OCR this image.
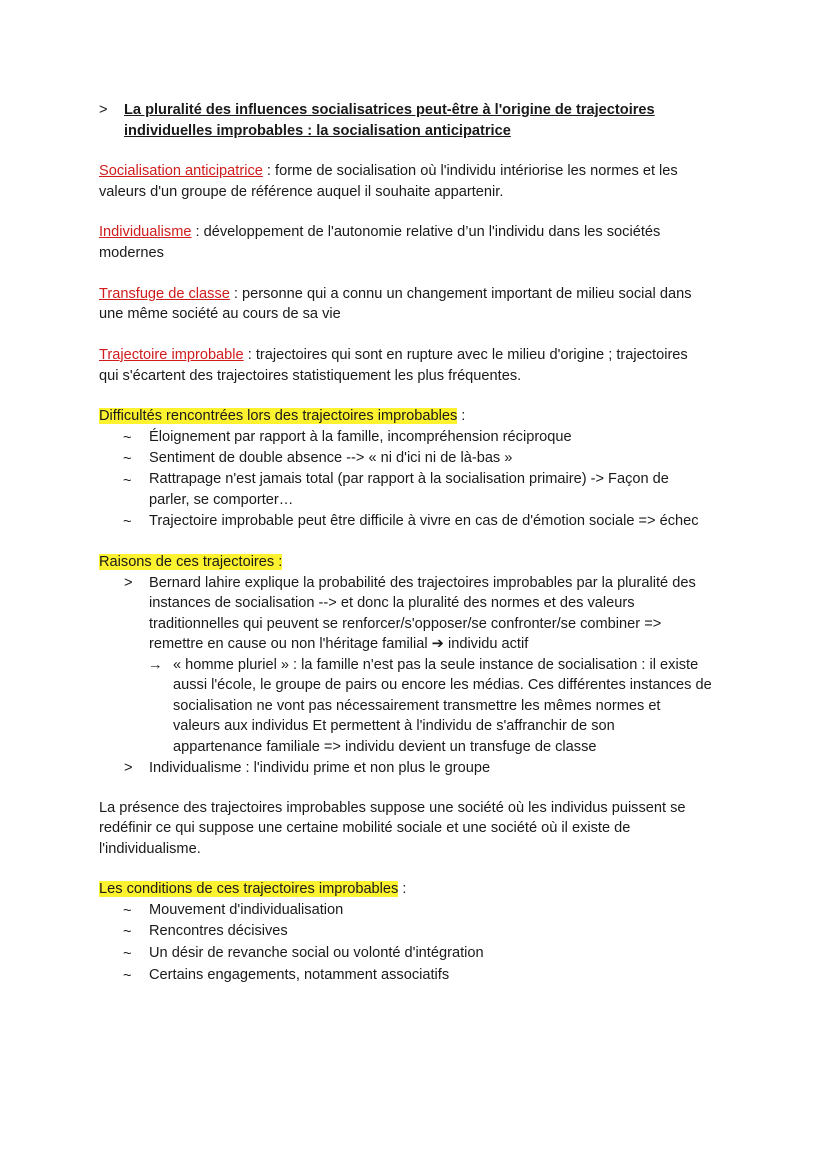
> La pluralité des influences socialisatrices peut-être à l'origine de trajectoires
individuelles improbables : la socialisation anticipatrice
Socialisation anticipatrice : forme de socialisation où l'individu intériorise les normes et les
valeurs d'un groupe de référence auquel il souhaite appartenir.
Individualisme : développement de l'autonomie relative d’un l'individu dans les sociétés
modernes
Transfuge de classe : personne qui a connu un changement important de milieu social dans
une même société au cours de sa vie
Trajectoire improbable : trajectoires qui sont en rupture avec le milieu d'origine ; trajectoires
qui s'écartent des trajectoires statistiquement les plus fréquentes.
Difficultés rencontrées lors des trajectoires improbables :
~ Éloignement par rapport à la famille, incompréhension réciproque
~ Sentiment de double absence --> « ni d'ici ni de là-bas »
~ Rattrapage n'est jamais total (par rapport à la socialisation primaire) -> Façon de
parler, se comporter…
~ Trajectoire improbable peut être difficile à vivre en cas de d'émotion sociale => échec
Raisons de ces trajectoires :
> Bernard lahire explique la probabilité des trajectoires improbables par la pluralité des
instances de socialisation --> et donc la pluralité des normes et des valeurs
traditionnelles qui peuvent se renforcer/s'opposer/se confronter/se combiner =>
remettre en cause ou non l'héritage familial ➔ individu actif
→ « homme pluriel » : la famille n'est pas la seule instance de socialisation : il existe
aussi l'école, le groupe de pairs ou encore les médias. Ces différentes instances de
socialisation ne vont pas nécessairement transmettre les mêmes normes et
valeurs aux individus Et permettent à l'individu de s'affranchir de son
appartenance familiale => individu devient un transfuge de classe
> Individualisme : l'individu prime et non plus le groupe
La présence des trajectoires improbables suppose une société où les individus puissent se
redéfinir ce qui suppose une certaine mobilité sociale et une société où il existe de
l'individualisme.
Les conditions de ces trajectoires improbables :
~ Mouvement d'individualisation
~ Rencontres décisives
~ Un désir de revanche social ou volonté d'intégration
~ Certains engagements, notamment associatifs
